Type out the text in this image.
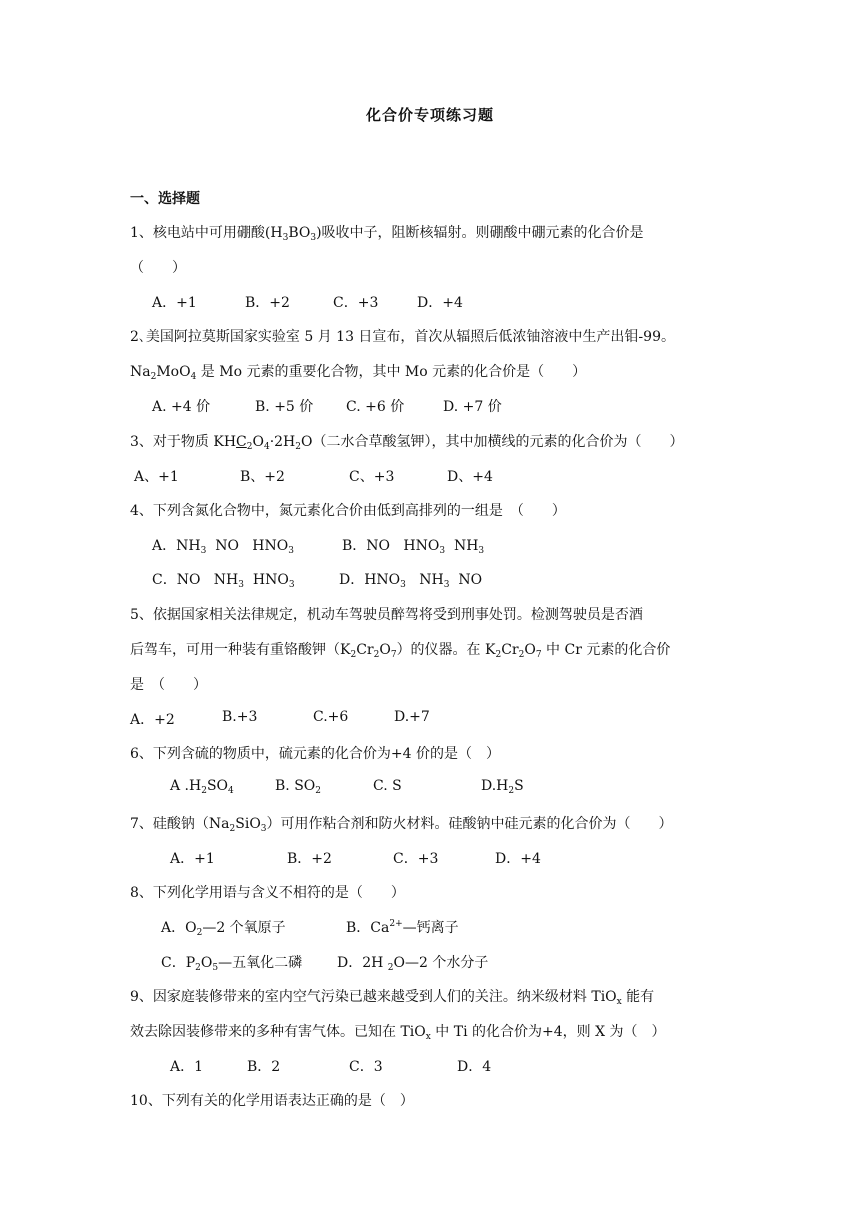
化合价专项练习题
一、选择题
1、核电站中可用硼酸$(H_3BO_3)$吸收中子，阻断核辐射。则硼酸中硼元素的化合价是
（　　）
A．+1	B．+2	C．+3	D．+4
2､美国阿拉莫斯国家实验室 5 月 13 日宣布，首次从辐照后低浓铀溶液中生产出钼-99。
$Na_2MoO_4$ 是 Mo 元素的重要化合物，其中 Mo 元素的化合价是（　　）
A. +4 价	B. +5 价 C. +6 价	D. +7 价
3、对于物质 $KHC_2O_4\cdot 2H_2O$（二水合草酸氢钾），其中加横线的元素的化合价为（　　）
A、+1	B、+2	C、+3	D、+4
4、下列含氮化合物中，氮元素化合价由低到高排列的一组是　（　　）
A．$NH_3$  NO   $HNO_3$	B．NO   $HNO_3$  $NH_3$
C．NO   $NH_3$  $HNO_3$	D．$HNO_3$   $NH_3$  NO
5、依据国家相关法律规定，机动车驾驶员醉驾将受到刑事处罚。检测驾驶员是否酒
后驾车，可用一种装有重铬酸钾$(K_2Cr_2O_7)$的仪器。在 $K_2Cr_2O_7$ 中 Cr 元素的化合价
是　（　　）
A．+2	B.+3	C.+6	D.+7
6、下列含硫的物质中，硫元素的化合价为+4 价的是（　）
A $.H_2SO_4$	B. $SO_2$	C. S	$D.H_2S$
7、硅酸钠$(Na_2SiO_3)$可用作粘合剂和防火材料。硅酸钠中硅元素的化合价为（　　）
A．+1	B．+2	C．+3	D．+4
8、下列化学用语与含义不相符的是（　　）
A．$O_2—2$ 个氧原子	B．$Ca^{2+}—$钙离子
C．$P_2O_5—$五氧化二磷 D．2H $_2$O—2 个水分子
9、因家庭装修带来的室内空气污染已越来越受到人们的关注。纳米级材料 TiO$_x$ 能有
效去除因装修带来的多种有害气体。已知在 TiO$_x$ 中 Ti 的化合价为+4，则 X 为（　）
A．1	B．2	C．3	D．4
10、下列有关的化学用语表达正确的是（　）
